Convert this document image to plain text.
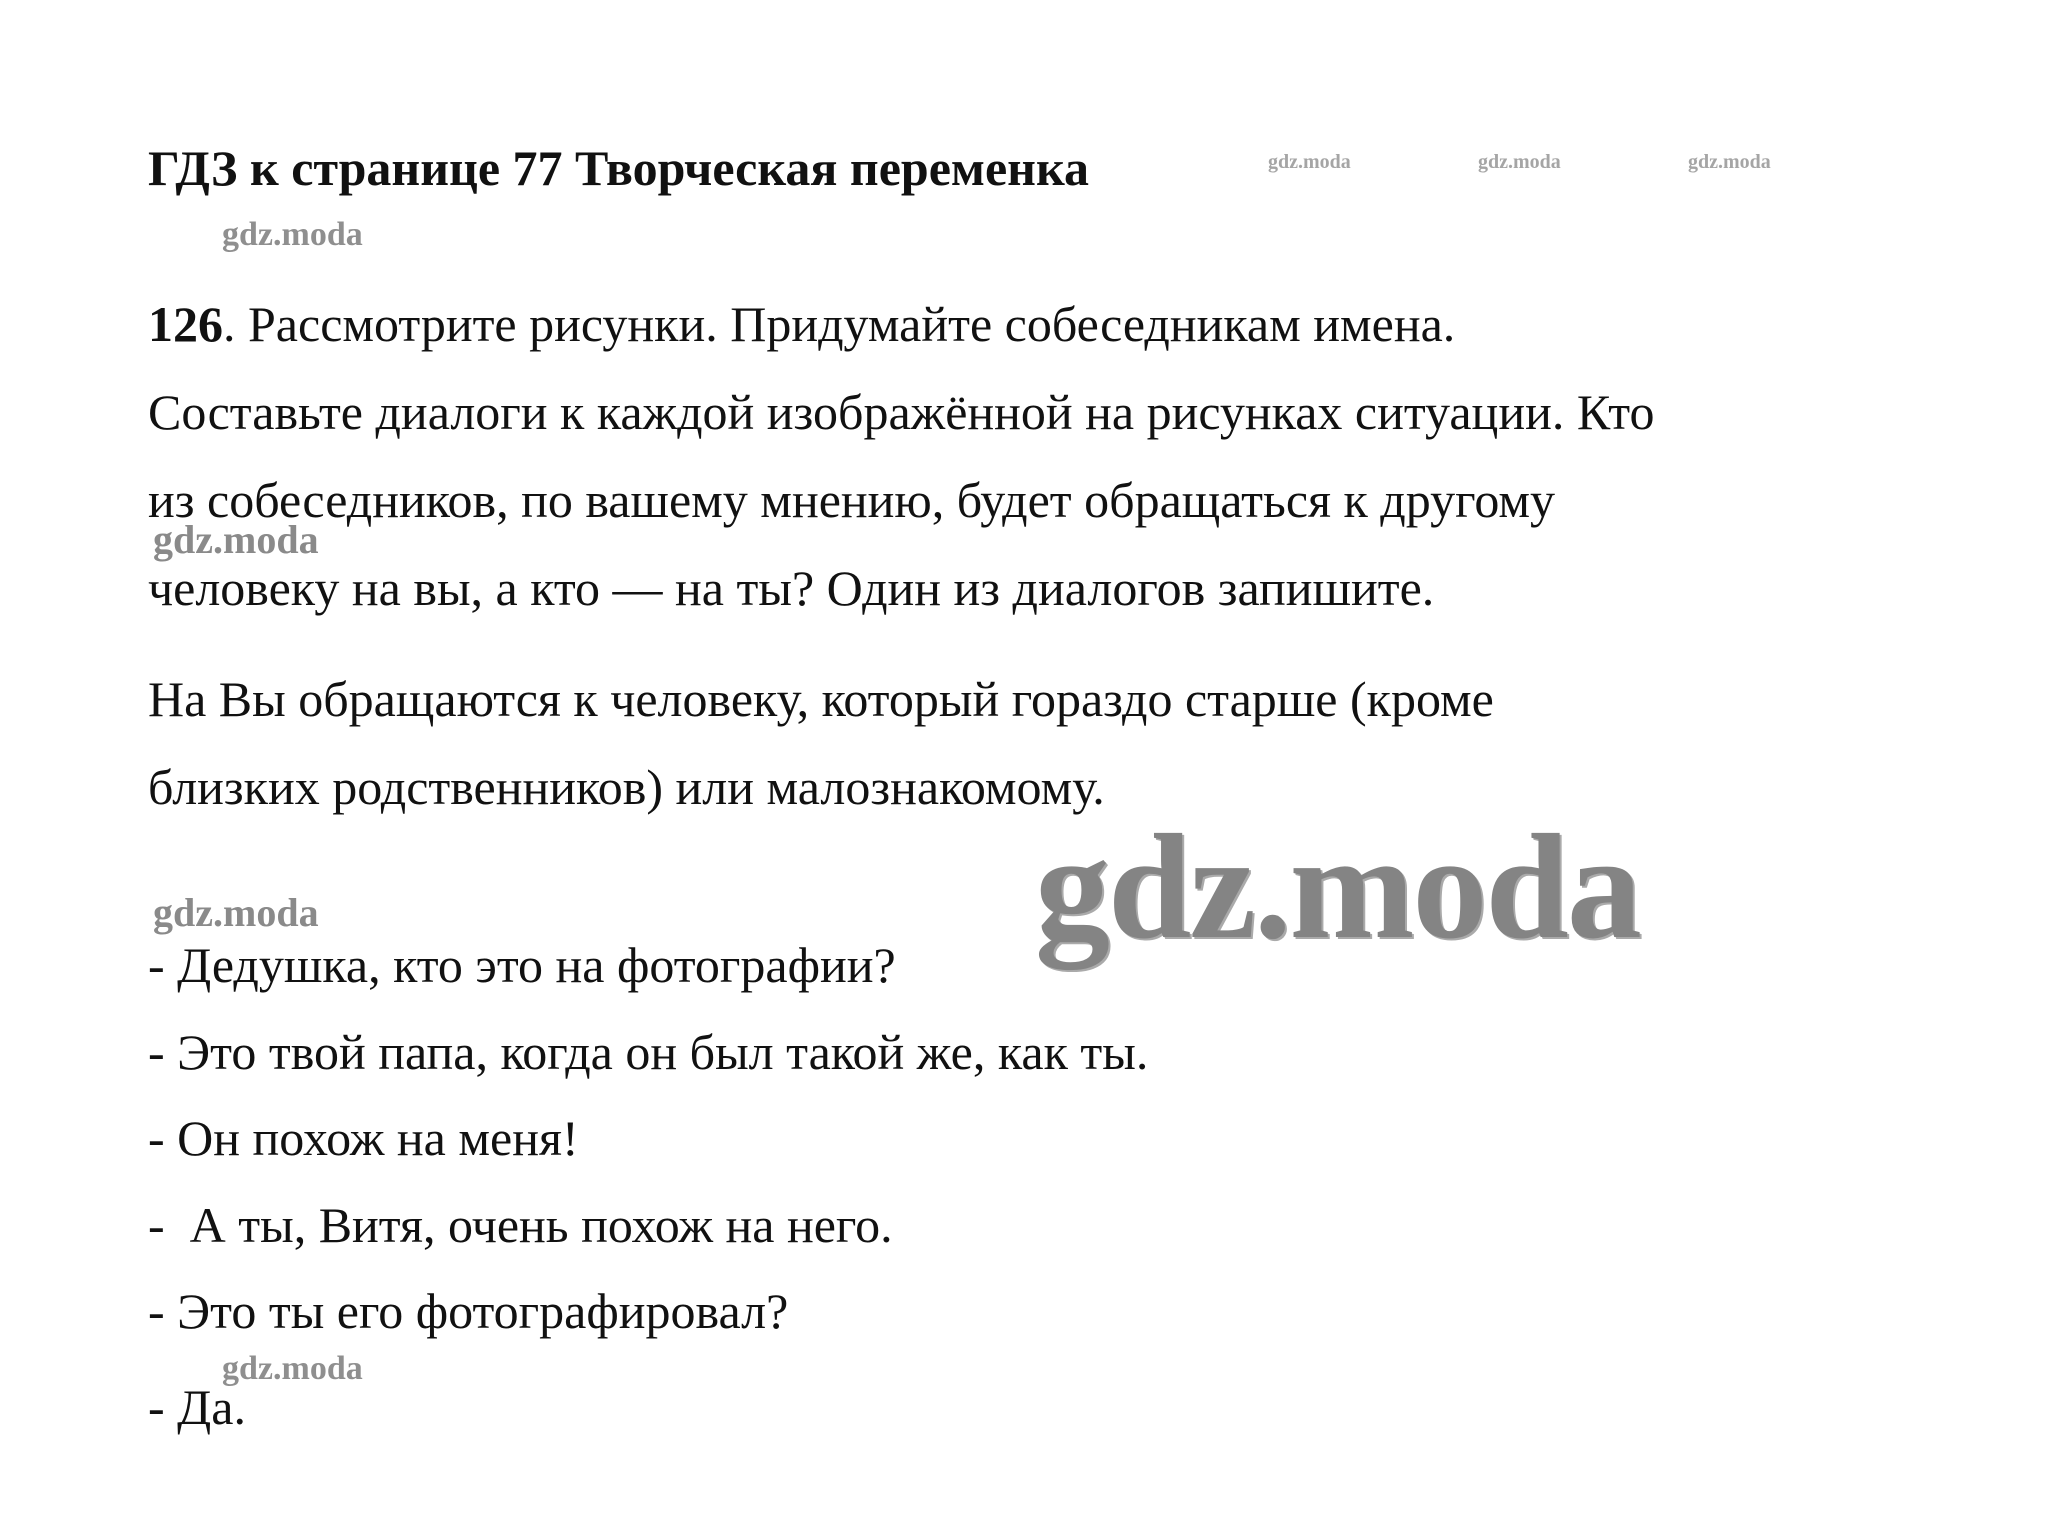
ГДЗ к странице 77 Творческая переменка	gdz.moda	gdz.moda	gdz.moda
gdz.moda
126. Рассмотрите рисунки. Придумайте собеседникам имена.
Составьте диалоги к каждой изображённой на рисунках ситуации. Кто
из собеседников, по вашему мнению, будет обращаться к другому
человеку на вы, а кто — на ты? Один из диалогов запишите.
gdz.moda
На Вы обращаются к человеку, который гораздо старше (кроме
близких родственников) или малознакомому.
gdz.moda
gdz.moda
- Дедушка, кто это на фотографии?
- Это твой папа, когда он был такой же, как ты.
- Он похож на меня!
-  А ты, Витя, очень похож на него.
- Это ты его фотографировал?
gdz.moda
- Да.
